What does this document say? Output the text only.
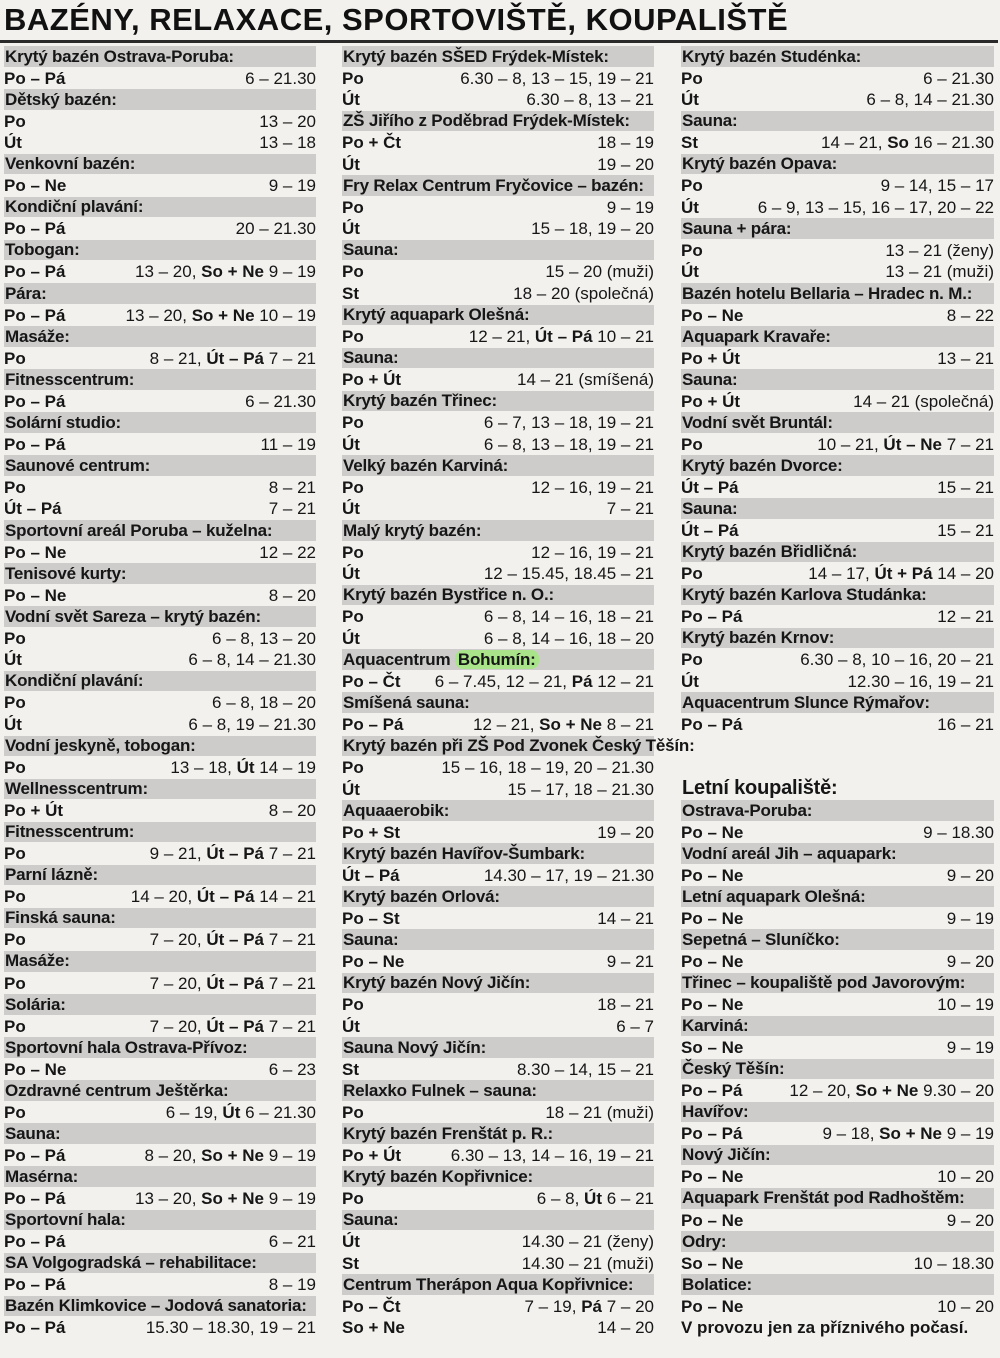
BAZÉNY, RELAXACE, SPORTOVIŠTĚ, KOUPALIŠTĚ
Krytý bazén Ostrava-Poruba:
Po – Pá	6 – 21.30
Dětský bazén:
Po	13 – 20
Út	13 – 18
Venkovní bazén:
Po – Ne	9 – 19
Kondiční plavání:
Po – Pá	20 – 21.30
Tobogan:
Po – Pá	13 – 20, So + Ne 9 – 19
Pára:
Po – Pá	13 – 20, So + Ne 10 – 19
Masáže:
Po	8 – 21, Út – Pá 7 – 21
Fitnesscentrum:
Po – Pá	6 – 21.30
Solární studio:
Po – Pá	11 – 19
Saunové centrum:
Po	8 – 21
Út – Pá	7 – 21
Sportovní areál Poruba – kuželna:
Po – Ne	12 – 22
Tenisové kurty:
Po – Ne	8 – 20
Vodní svět Sareza – krytý bazén:
Po	6 – 8, 13 – 20
Út	6 – 8, 14 – 21.30
Kondiční plavání:
Po	6 – 8, 18 – 20
Út	6 – 8, 19 – 21.30
Vodní jeskyně, tobogan:
Po	13 – 18, Út 14 – 19
Wellnesscentrum:
Po + Út	8 – 20
Fitnesscentrum:
Po	9 – 21, Út – Pá 7 – 21
Parní lázně:
Po	14 – 20, Út – Pá 14 – 21
Finská sauna:
Po	7 – 20, Út – Pá 7 – 21
Masáže:
Po	7 – 20, Út – Pá 7 – 21
Solária:
Po	7 – 20, Út – Pá 7 – 21
Sportovní hala Ostrava-Přívoz:
Po – Ne	6 – 23
Ozdravné centrum Ještěrka:
Po	6 – 19, Út 6 – 21.30
Sauna:
Po – Pá	8 – 20, So + Ne 9 – 19
Masérna:
Po – Pá	13 – 20, So + Ne 9 – 19
Sportovní hala:
Po – Pá	6 – 21
SA Volgogradská – rehabilitace:
Po – Pá	8 – 19
Bazén Klimkovice – Jodová sanatoria:
Po – Pá	15.30 – 18.30, 19 – 21
Krytý bazén SŠED Frýdek-Místek:
Po	6.30 – 8, 13 – 15, 19 – 21
Út	6.30 – 8, 13 – 21
ZŠ Jiřího z Poděbrad Frýdek-Místek:
Po + Čt	18 – 19
Út	19 – 20
Fry Relax Centrum Fryčovice – bazén:
Po	9 – 19
Út	15 – 18, 19 – 20
Sauna:
Po	15 – 20 (muži)
St	18 – 20 (společná)
Krytý aquapark Olešná:
Po	12 – 21, Út – Pá 10 – 21
Sauna:
Po + Út	14 – 21 (smíšená)
Krytý bazén Třinec:
Po	6 – 7, 13 – 18, 19 – 21
Út	6 – 8, 13 – 18, 19 – 21
Velký bazén Karviná:
Po	12 – 16, 19 – 21
Út	7 – 21
Malý krytý bazén:
Po	12 – 16, 19 – 21
Út	12 – 15.45, 18.45 – 21
Krytý bazén Bystřice n. O.:
Po	6 – 8, 14 – 16, 18 – 21
Út	6 – 8, 14 – 16, 18 – 20
Aquacentrum Bohumín:
Po – Čt 6 – 7.45, 12 – 21, Pá 12 – 21
Smíšená sauna:
Po – Pá	12 – 21, So + Ne 8 – 21
Krytý bazén při ZŠ Pod Zvonek Český Těšín:
Po	15 – 16, 18 – 19, 20 – 21.30
Út	15 – 17, 18 – 21.30
Aquaaerobik:
Po + St	19 – 20
Krytý bazén Havířov-Šumbark:
Út – Pá	14.30 – 17, 19 – 21.30
Krytý bazén Orlová:
Po – St	14 – 21
Sauna:
Po – Ne	9 – 21
Krytý bazén Nový Jičín:
Po	18 – 21
Út	6 – 7
Sauna Nový Jičín:
St	8.30 – 14, 15 – 21
Relaxko Fulnek – sauna:
Po	18 – 21 (muži)
Krytý bazén Frenštát p. R.:
Po + Út	6.30 – 13, 14 – 16, 19 – 21
Krytý bazén Kopřivnice:
Po	6 – 8, Út 6 – 21
Sauna:
Út	14.30 – 21 (ženy)
St	14.30 – 21 (muži)
Centrum Therápon Aqua Kopřivnice:
Po – Čt	7 – 19, Pá 7 – 20
So + Ne	14 – 20
Krytý bazén Studénka:
Po	6 – 21.30
Út	6 – 8, 14 – 21.30
Sauna:
St	14 – 21, So 16 – 21.30
Krytý bazén Opava:
Po	9 – 14, 15 – 17
Út	6 – 9, 13 – 15, 16 – 17, 20 – 22
Sauna + pára:
Po	13 – 21 (ženy)
Út	13 – 21 (muži)
Bazén hotelu Bellaria – Hradec n. M.:
Po – Ne	8 – 22
Aquapark Kravaře:
Po + Út	13 – 21
Sauna:
Po + Út	14 – 21 (společná)
Vodní svět Bruntál:
Po	10 – 21, Út – Ne 7 – 21
Krytý bazén Dvorce:
Út – Pá	15 – 21
Sauna:
Út – Pá	15 – 21
Krytý bazén Břidličná:
Po	14 – 17, Út + Pá 14 – 20
Krytý bazén Karlova Studánka:
Po – Pá	12 – 21
Krytý bazén Krnov:
Po	6.30 – 8, 10 – 16, 20 – 21
Út	12.30 – 16, 19 – 21
Aquacentrum Slunce Rýmařov:
Po – Pá	16 – 21
Letní koupaliště:
Ostrava-Poruba:
Po – Ne	9 – 18.30
Vodní areál Jih – aquapark:
Po – Ne	9 – 20
Letní aquapark Olešná:
Po – Ne	9 – 19
Sepetná – Sluníčko:
Po – Ne	9 – 20
Třinec – koupaliště pod Javorovým:
Po – Ne	10 – 19
Karviná:
So – Ne	9 – 19
Český Těšín:
Po – Pá	12 – 20, So + Ne 9.30 – 20
Havířov:
Po – Pá	9 – 18, So + Ne 9 – 19
Nový Jičín:
Po – Ne	10 – 20
Aquapark Frenštát pod Radhoštěm:
Po – Ne	9 – 20
Odry:
So – Ne	10 – 18.30
Bolatice:
Po – Ne	10 – 20
V provozu jen za příznivého počasí.
